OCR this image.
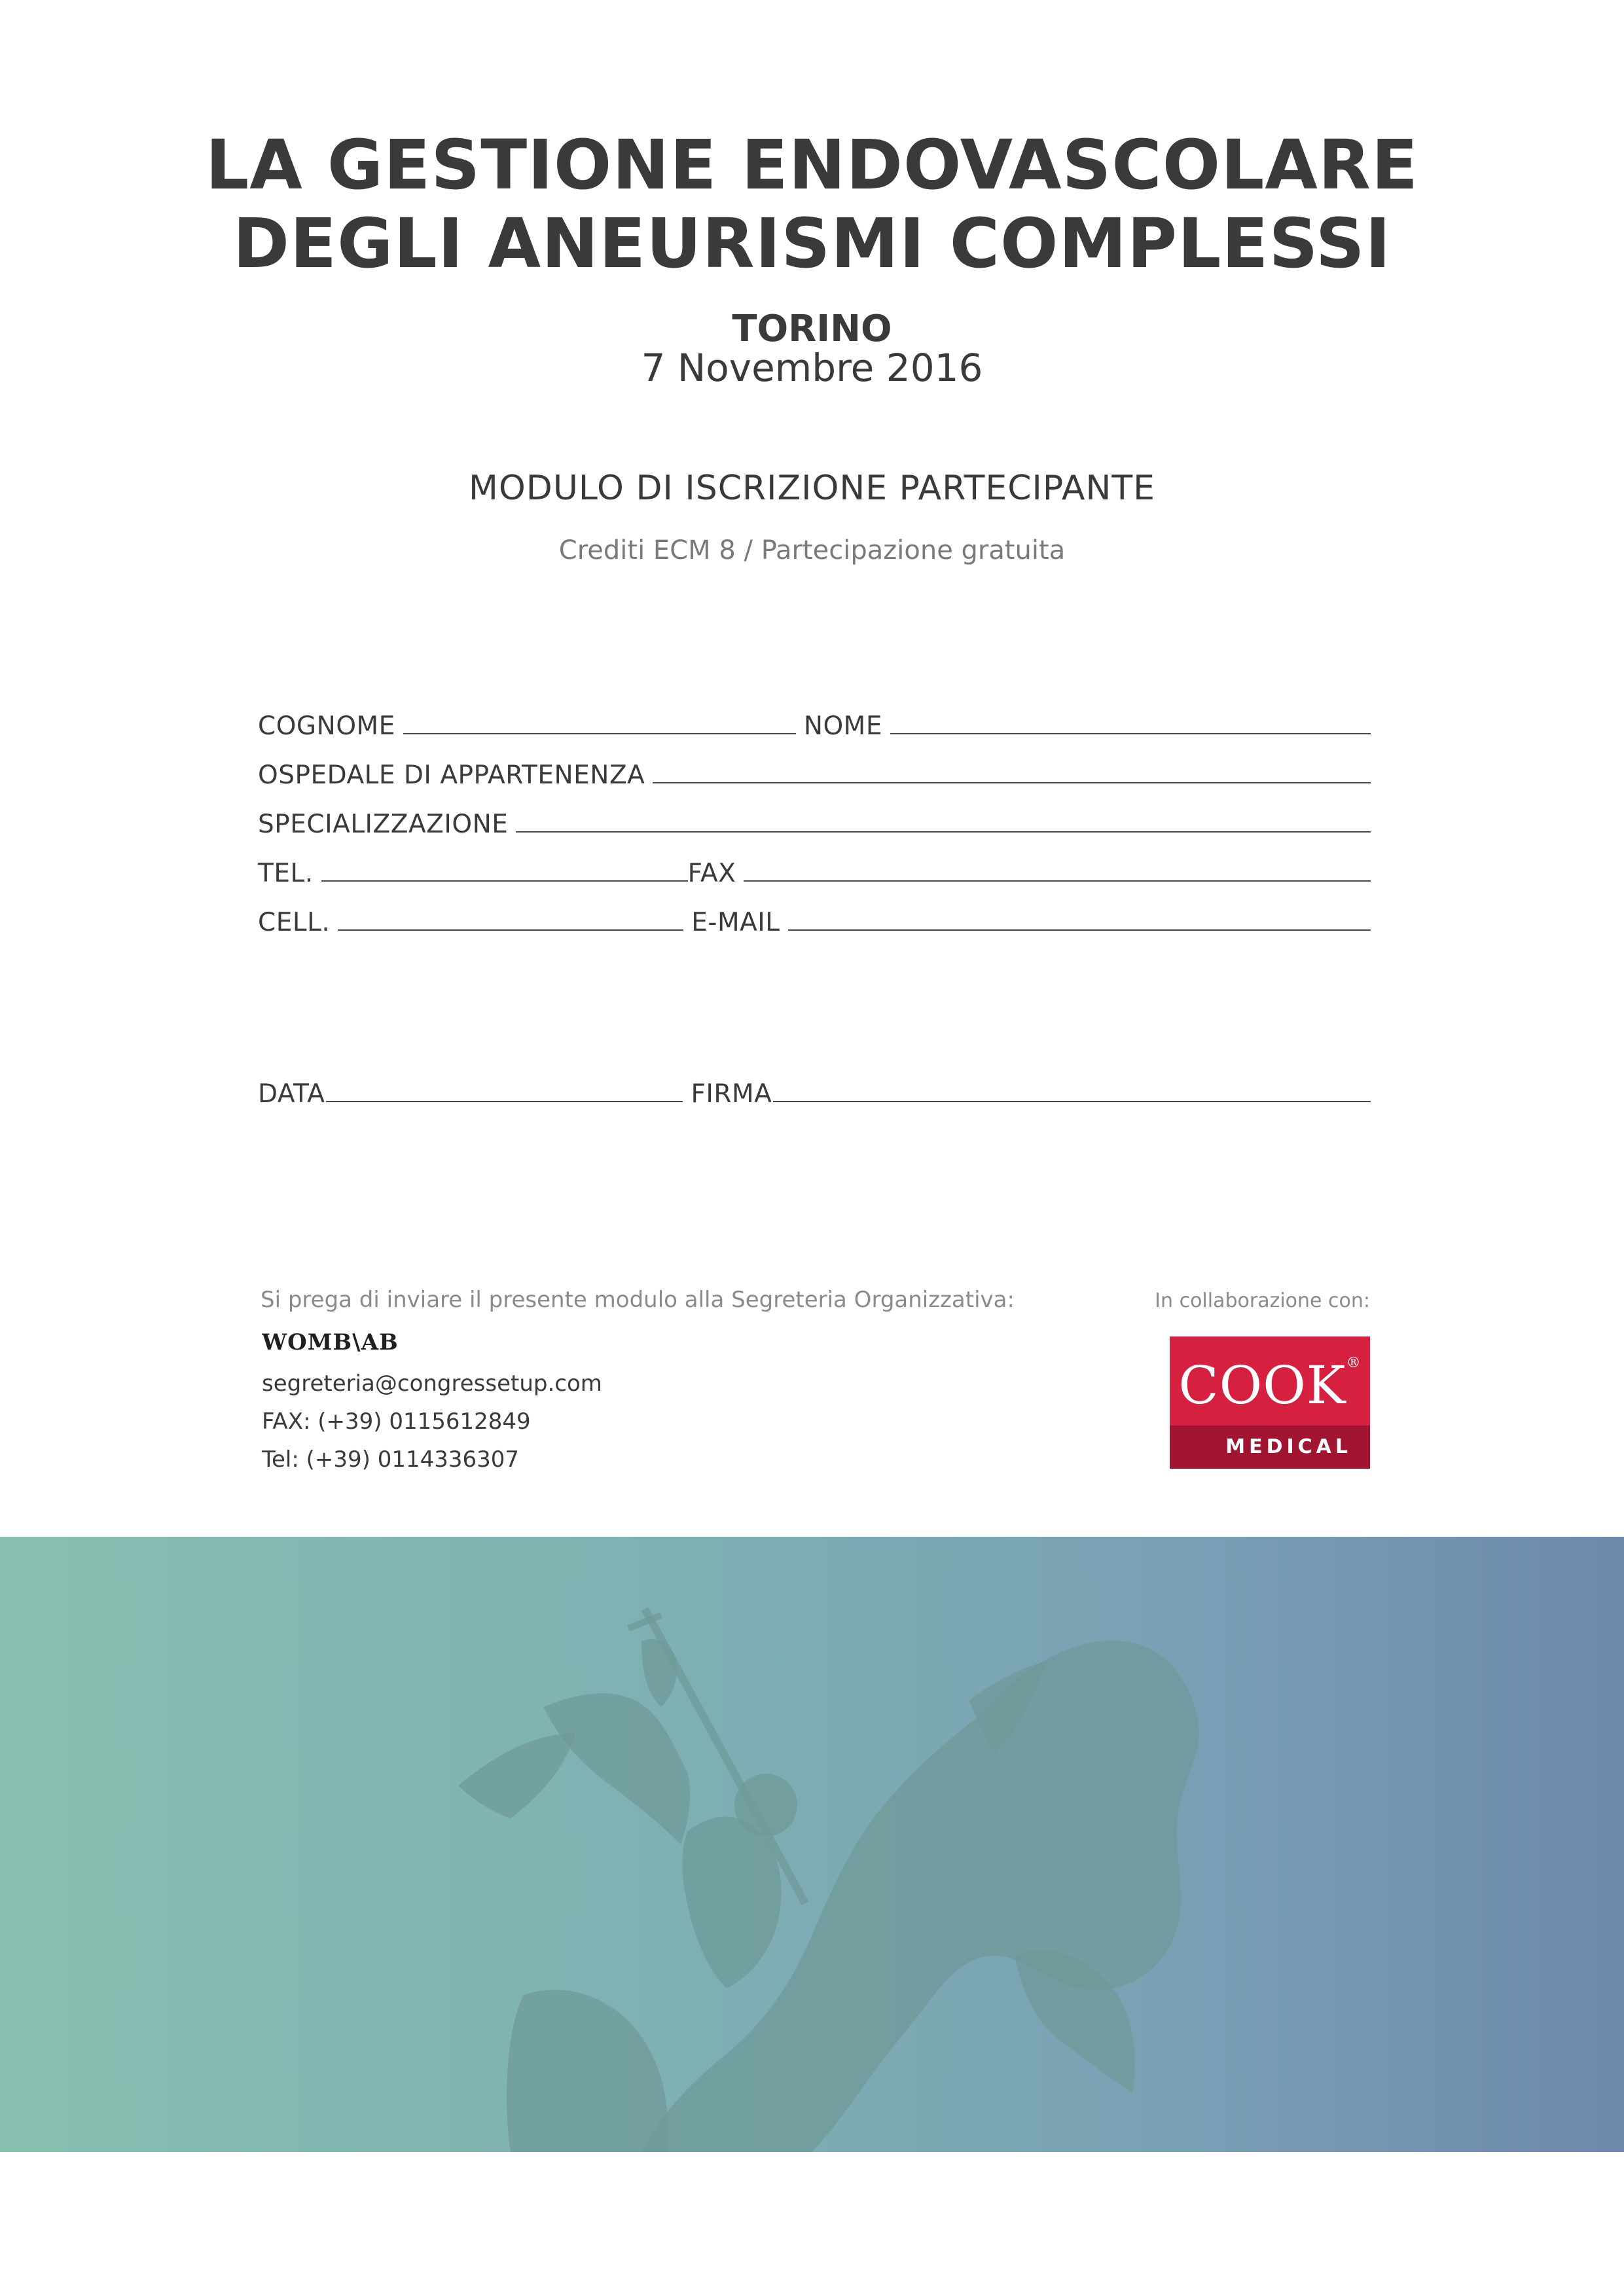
LA GESTIONE ENDOVASCOLARE
DEGLI ANEURISMI COMPLESSI
TORINO
7 Novembre 2016
MODULO DI ISCRIZIONE PARTECIPANTE
Crediti ECM 8 / Partecipazione gratuita
COGNOME	NOME
OSPEDALE DI APPARTENENZA
SPECIALIZZAZIONE
TEL.	FAX
CELL.	E-MAIL
DATA	FIRMA
Si prega di inviare il presente modulo alla Segreteria Organizzativa:	In collaborazione con:
WOMB\AB
segreteria@congressetup.com
FAX: (+39) 0115612849
Tel: (+39) 0114336307
COOK®
MEDICAL
